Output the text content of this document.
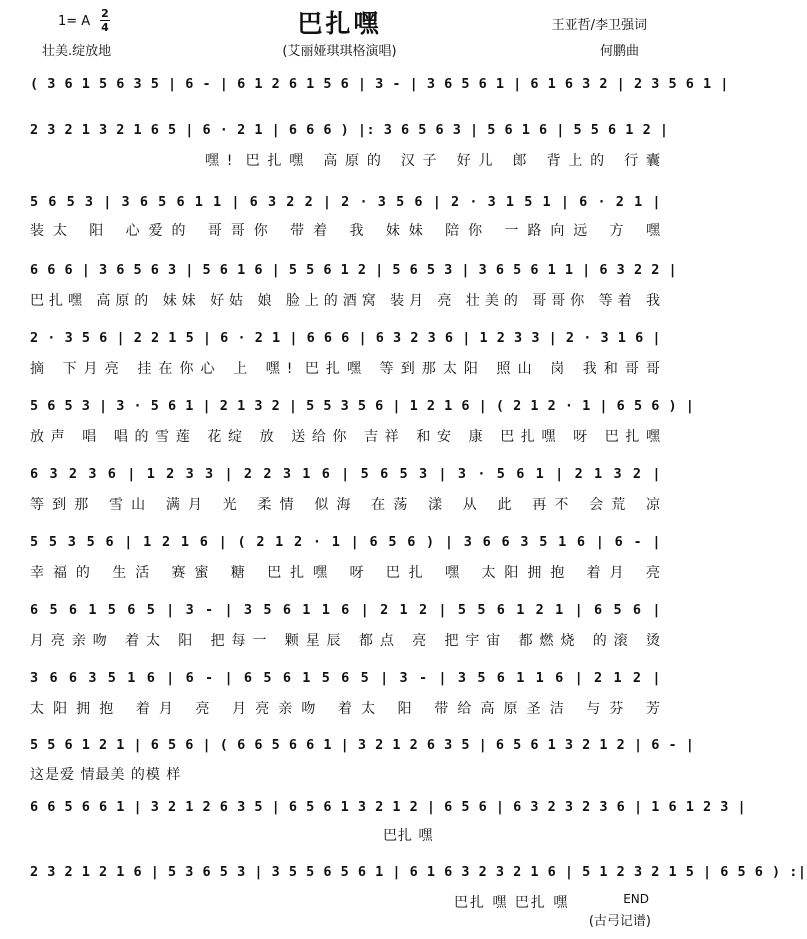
巴扎嘿
1= A
2
4
壮美.绽放地	(艾丽娅琪琪格演唱)
王亚哲/李卫强词
何鹏曲
( 3 6 1 5 6 3 5 | 6 - | 6 1 2 6 1 5 6 | 3 - | 3 6 5 6 1 | 6 1 6 3 2 | 2 3 5 6 1 |
2 3 2 1 3 2 1 6 5 | 6 · 2 1 | 6 6 6 ) |: 3 6 5 6 3 | 5 6 1 6 | 5 5 6 1 2 |
嘿! 巴扎嘿 高原的 汉子 好儿 郎 背上的 行囊
5 6 5 3 | 3 6 5 6 1 1 | 6 3 2 2 | 2 · 3 5 6 | 2 · 3 1 5 1 | 6 · 2 1 |
装太 阳 心爱的 哥哥你 带着 我 妹妹 陪你 一路向远 方 嘿
6 6 6 | 3 6 5 6 3 | 5 6 1 6 | 5 5 6 1 2 | 5 6 5 3 | 3 6 5 6 1 1 | 6 3 2 2 |
巴扎嘿 高原的 妹妹 好姑 娘 脸上的酒窝 装月 亮 壮美的 哥哥你 等着 我
2 · 3 5 6 | 2 2 1 5 | 6 · 2 1 | 6 6 6 | 6 3 2 3 6 | 1 2 3 3 | 2 · 3 1 6 |
摘 下月亮 挂在你心 上 嘿! 巴扎嘿 等到那太阳 照山 岗 我和哥哥
5 6 5 3 | 3 · 5 6 1 | 2 1 3 2 | 5 5 3 5 6 | 1 2 1 6 | ( 2 1 2 · 1 | 6 5 6 ) |
放声 唱 唱的雪莲 花绽 放 送给你 吉祥 和安 康 巴扎嘿 呀 巴扎嘿
6 3 2 3 6 | 1 2 3 3 | 2 2 3 1 6 | 5 6 5 3 | 3 · 5 6 1 | 2 1 3 2 |
等到那 雪山 满月 光 柔情 似海 在荡 漾 从 此 再不 会荒 凉
5 5 3 5 6 | 1 2 1 6 | ( 2 1 2 · 1 | 6 5 6 ) | 3 6 6 3 5 1 6 | 6 - |
幸福的 生活 赛蜜 糖 巴扎嘿 呀 巴扎 嘿 太阳拥抱 着月 亮
6 5 6 1 5 6 5 | 3 - | 3 5 6 1 1 6 | 2 1 2 | 5 5 6 1 2 1 | 6 5 6 |
月亮亲吻 着太 阳 把每一 颗星辰 都点 亮 把宇宙 都燃烧 的滚 烫
3 6 6 3 5 1 6 | 6 - | 6 5 6 1 5 6 5 | 3 - | 3 5 6 1 1 6 | 2 1 2 |
太阳拥抱 着月 亮 月亮亲吻 着太 阳 带给高原圣洁 与芬 芳
5 5 6 1 2 1 | 6 5 6 | ( 6 6 5 6 6 1 | 3 2 1 2 6 3 5 | 6 5 6 1 3 2 1 2 | 6 - |
这是爱 情最美 的模 样
6 6 5 6 6 1 | 3 2 1 2 6 3 5 | 6 5 6 1 3 2 1 2 | 6 5 6 | 6 3 2 3 2 3 6 | 1 6 1 2 3 |
巴扎 嘿
2 3 2 1 2 1 6 | 5 3 6 5 3 | 3 5 5 6 5 6 1 | 6 1 6 3 2 3 2 1 6 | 5 1 2 3 2 1 5 | 6 5 6 ) :|
巴扎 嘿 巴扎 嘿	END
(古弓记谱)
